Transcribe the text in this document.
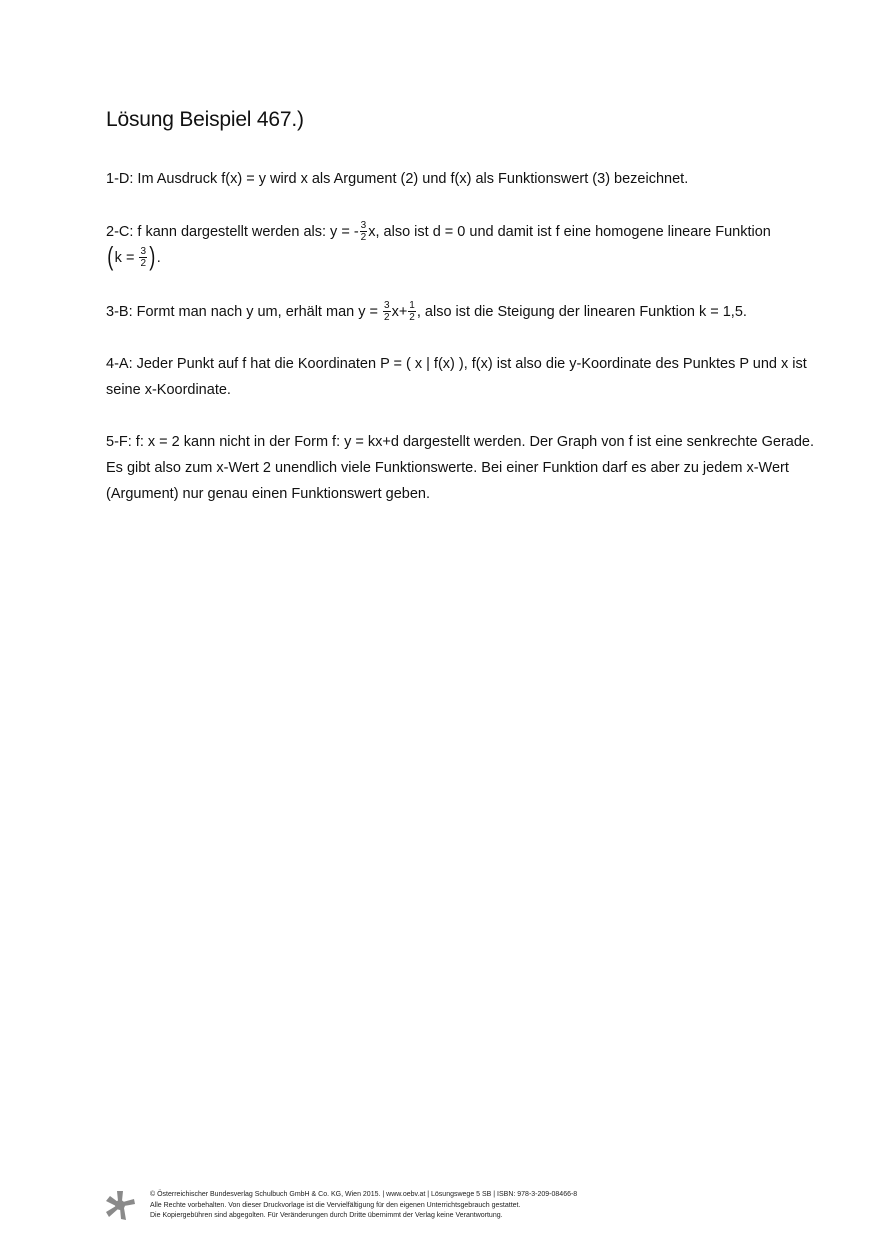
Lösung Beispiel 467.)

1-D: Im Ausdruck f(x) = y wird x als Argument (2) und f(x) als Funktionswert (3) bezeichnet.

2-C: f kann dargestellt werden als: y = - $\frac{3}{2} x$, also ist d = 0 und damit ist f eine homogene lineare Funktion
($k = \frac{3}{2}$ ).

3-B: Formt man nach y um, erhält man $y = \frac{3}{2} x+ \frac{1}{2}$ , also ist die Steigung der linearen Funktion k = 1,5.

4-A: Jeder Punkt auf f hat die Koordinaten P = ( x | f(x) ), f(x) ist also die y-Koordinate des Punktes P und x ist seine x-Koordinate.

5-F: f: x = 2 kann nicht in der Form f: y = kx+d dargestellt werden. Der Graph von f ist eine senkrechte Gerade. Es gibt also zum x-Wert 2 unendlich viele Funktionswerte. Bei einer Funktion darf es aber zu jedem x-Wert (Argument) nur genau einen Funktionswert geben.

© Österreichischer Bundesverlag Schulbuch GmbH & Co. KG, Wien 2015. | www.oebv.at | Lösungswege 5 SB | ISBN: 978-3-209-08466-8
Alle Rechte vorbehalten. Von dieser Druckvorlage ist die Vervielfältigung für den eigenen Unterrichtsgebrauch gestattet.
Die Kopiergebühren sind abgegolten. Für Veränderungen durch Dritte übernimmt der Verlag keine Verantwortung.
